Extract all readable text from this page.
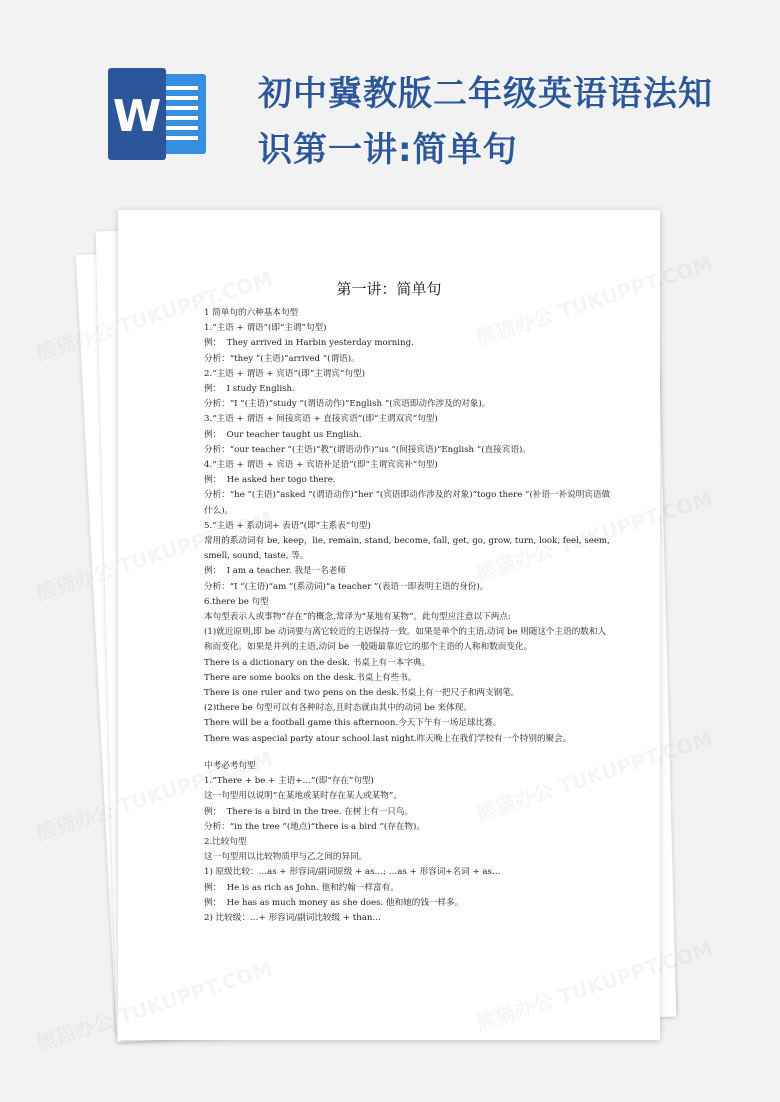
W	初中冀教版二年级英语语法知
识第一讲:简单句
第一讲：简单句
1 简单句的六种基本句型
1.“主语 + 谓语”(即“主谓”句型)
例：  They arrived in Harbin yesterday morning.
分析：“they ”(主语)“arrived ”(谓语)。
2.“主语 + 谓语 + 宾语”(即“主谓宾”句型)
例：  I study English.
分析：“I ”(主语)“study ”(谓语动作)“English ”(宾语即动作涉及的对象)。
3.“主语 + 谓语 + 间接宾语 + 直接宾语”(即“主谓双宾”句型)
例：  Our teacher taught us English.
分析：“our teacher ”(主语)“教”(谓语动作)“us ”(间接宾语)“English ”(直接宾语)。
4.“主语 + 谓语 + 宾语 + 宾语补足语”(即“主谓宾宾补”句型)
例：  He asked her togo there.
分析：“he ”(主语)“asked ”(谓语动作)“her ”(宾语即动作涉及的对象)“togo there ”(补语一补说明宾语做什么)。
5.“主语 + 系动词+ 表语”(即“主系表”句型)
常用的系动词有 be, keep，lie, remain, stand, become, fall, get, go, grow, turn, look, feel, seem, smell, sound, taste, 等。
例：  I am a teacher. 我是一名老师
分析：“I ”(主语)“am ”(系动词)“a teacher ”(表语一即表明主语的身份)。
6.there be 句型
本句型表示人或事物“存在”的概念,常译为“某地有某物”。此句型应注意以下两点:
(1)就近原则,即 be 动词要与离它较近的主语保持一致。如果是单个的主语,动词 be 则随这个主语的数和人称而变化。如果是并列的主语,动词 be 一般随最靠近它的那个主语的人称和数而变化。
There is a dictionary on the desk. 书桌上有一本字典。
There are some books on the desk.书桌上有些书。
There is one ruler and two pens on the desk.书桌上有一把尺子和两支钢笔。
(2)there be 句型可以有各种时态,且时态就由其中的动词 be 来体现。
There will be a football game this afternoon.今天下午有一场足球比赛。
There was aspecial party atour school last night.昨天晚上在我们学校有一个特别的聚会。
中考必考句型
1.“There + be + 主语+…”(即“存在”句型)
这一句型用以说明“在某地或某时存在某人或某物”。
例：  There is a bird in the tree. 在树上有一只鸟。
分析：“in the tree ”(地点)“there is a bird ”(存在物)。
2.比较句型
这一句型用以比较物质甲与乙之间的异同。
1) 原级比较：…as + 形容词/副词原级 + as…; …as + 形容词+名词 + as…
例：  He is as rich as John. 他和约翰一样富有。
例：  He has as much money as she does. 他和她的钱一样多。
2) 比较级：…+ 形容词/副词比较级 + than…
